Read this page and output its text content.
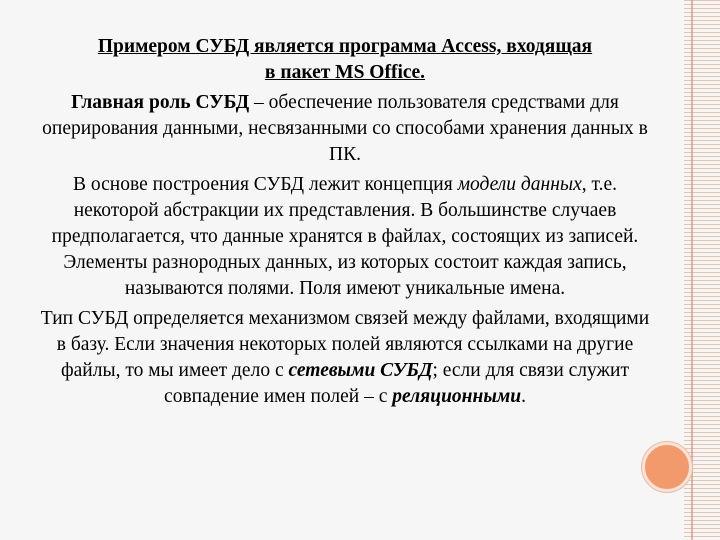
Примером СУБД является программа Access, входящая
в пакет MS Office.

Главная роль СУБД – обеспечение пользователя средствами для оперирования данными, несвязанными со способами хранения данных в ПК.

В основе построения СУБД лежит концепция модели данных, т.е. некоторой абстракции их представления. В большинстве случаев предполагается, что данные хранятся в файлах, состоящих из записей. Элементы разнородных данных, из которых состоит каждая запись, называются полями. Поля имеют уникальные имена.

Тип СУБД определяется механизмом связей между файлами, входящими в базу. Если значения некоторых полей являются ссылками на другие файлы, то мы имеет дело с сетевыми СУБД; если для связи служит совпадение имен полей – с реляционными.
